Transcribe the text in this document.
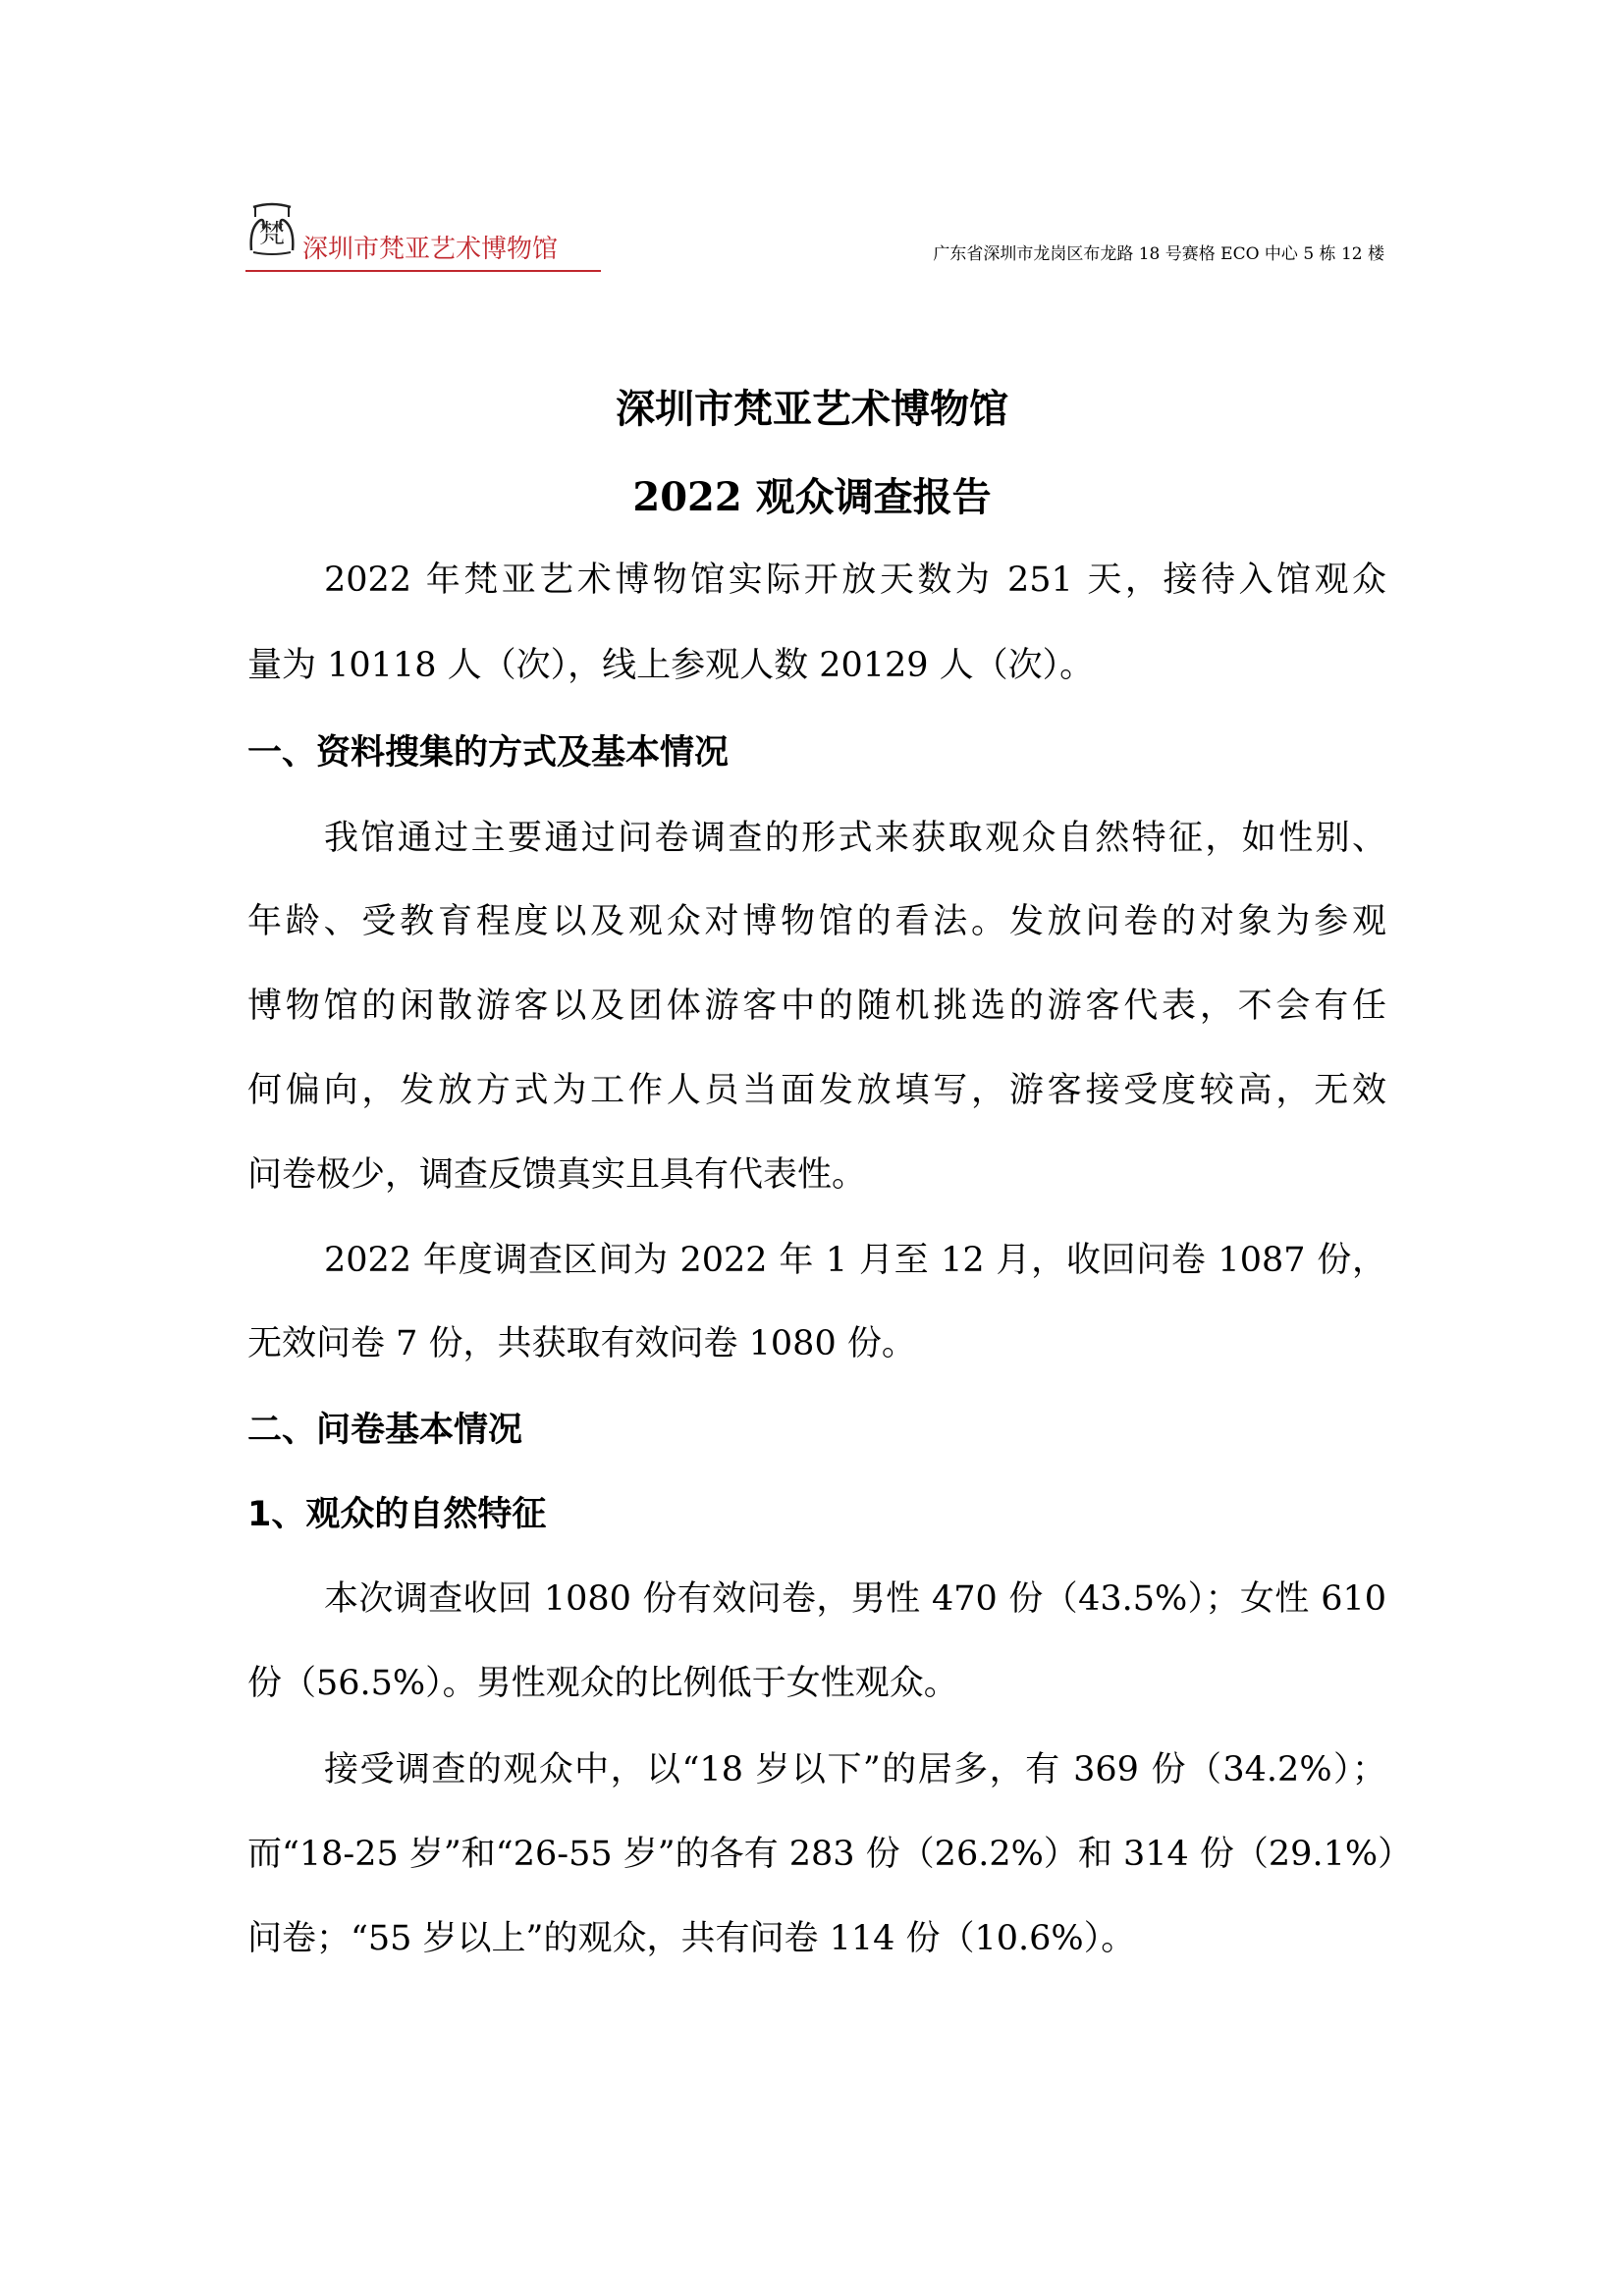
梵 深圳市梵亚艺术博物馆	广东省深圳市龙岗区布龙路 18 号赛格 ECO 中心 5 栋 12 楼
深圳市梵亚艺术博物馆
2022 观众调查报告
2022 年梵亚艺术博物馆实际开放天数为 251 天，接待入馆观众
量为 10118 人（次），线上参观人数 20129 人（次）。
一、资料搜集的方式及基本情况
我馆通过主要通过问卷调查的形式来获取观众自然特征，如性别、
年龄、受教育程度以及观众对博物馆的看法。发放问卷的对象为参观
博物馆的闲散游客以及团体游客中的随机挑选的游客代表，不会有任
何偏向，发放方式为工作人员当面发放填写，游客接受度较高，无效
问卷极少，调查反馈真实且具有代表性。
2022 年度调查区间为 2022 年 1 月至 12 月，收回问卷 1087 份，
无效问卷 7 份，共获取有效问卷 1080 份。
二、问卷基本情况
1、观众的自然特征
本次调查收回 1080 份有效问卷，男性 470 份（43.5%）；女性 610
份（56.5%）。男性观众的比例低于女性观众。
接受调查的观众中，以“18 岁以下”的居多，有 369 份（34.2%）；
而“18-25 岁”和“26-55 岁”的各有 283 份（26.2%）和 314 份（29.1%）
问卷；“55 岁以上”的观众，共有问卷 114 份（10.6%）。
